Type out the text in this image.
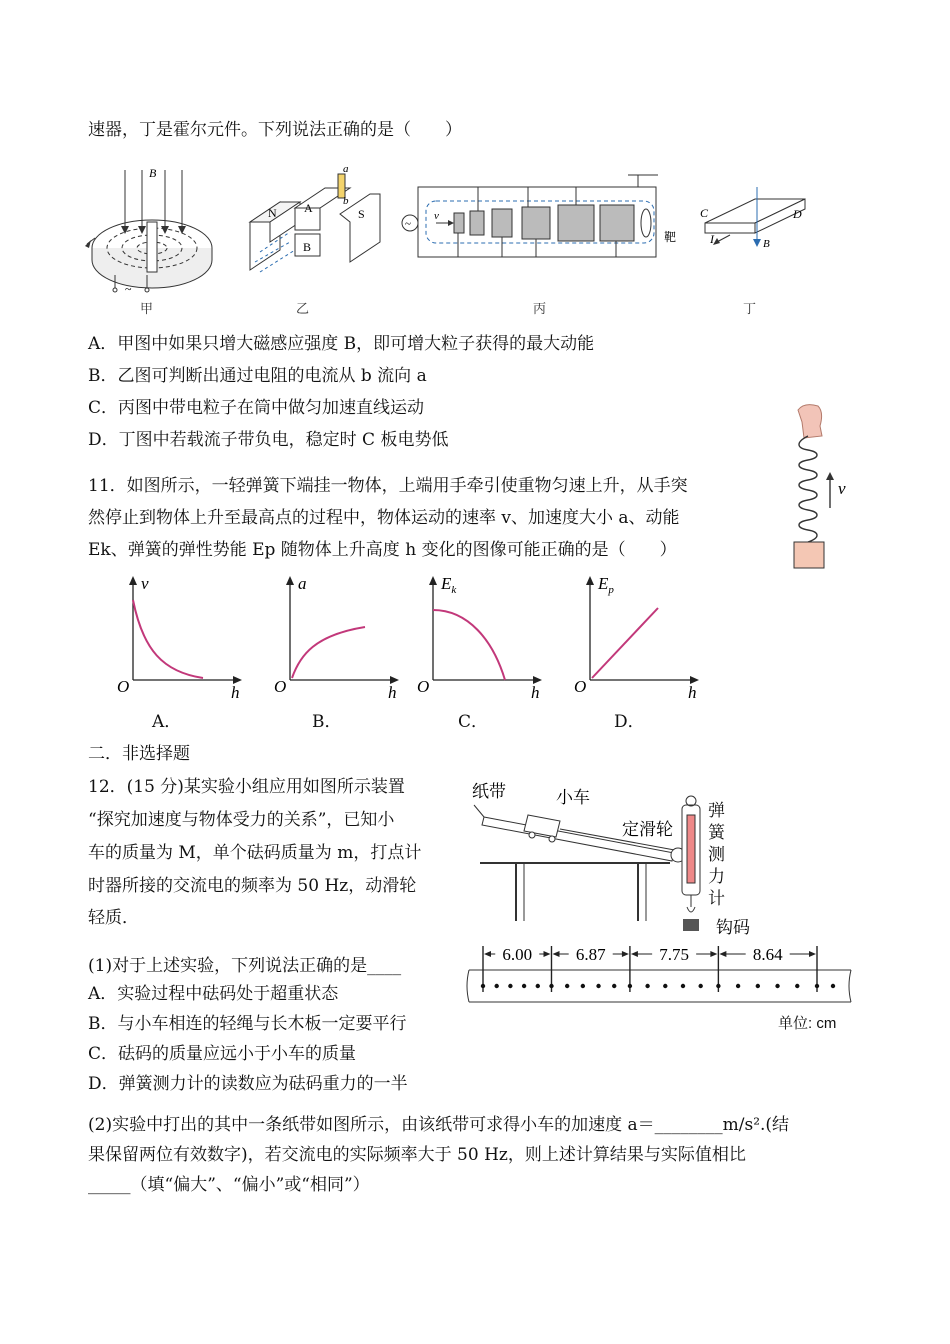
速器，丁是霍尔元件。下列说法正确的是（　　）
B
~
甲
N A	S
B
a
b
乙
~
v
靶
丙
C	D
I	B
丁
A．甲图中如果只增大磁感应强度 B，即可增大粒子获得的最大动能
B．乙图可判断出通过电阻的电流从 b 流向 a
C．丙图中带电粒子在筒中做匀加速直线运动
D．丁图中若载流子带负电，稳定时 C 板电势低
11．如图所示，一轻弹簧下端挂一物体，上端用手牵引使重物匀速上升，从手突
然停止到物体上升至最高点的过程中，物体运动的速率 v、加速度大小 a、动能
Ek、弹簧的弹性势能 Ep 随物体上升高度 h 变化的图像可能正确的是（　　）
v
v
h
O
a
h
O
$E_k$
h
O
$E_p$
h
O
A．	B．	C．	D．
二．非选择题
12．(15 分)某实验小组应用如图所示装置
“探究加速度与物体受力的关系”，已知小
车的质量为 M，单个砝码质量为 m，打点计
时器所接的交流电的频率为 50 Hz，动滑轮
轻质．
纸带	小车
定滑轮
钩码
弹簧测力计
6.00	6.87	7.75	8.64
单位: cm
(1)对于上述实验，下列说法正确的是____
A．实验过程中砝码处于超重状态
B．与小车相连的轻绳与长木板一定要平行
C．砝码的质量应远小于小车的质量
D．弹簧测力计的读数应为砝码重力的一半
(2)实验中打出的其中一条纸带如图所示，由该纸带可求得小车的加速度 a＝________m/s².(结
果保留两位有效数字)，若交流电的实际频率大于 50 Hz，则上述计算结果与实际值相比
_____（填“偏大”、“偏小”或“相同”）
